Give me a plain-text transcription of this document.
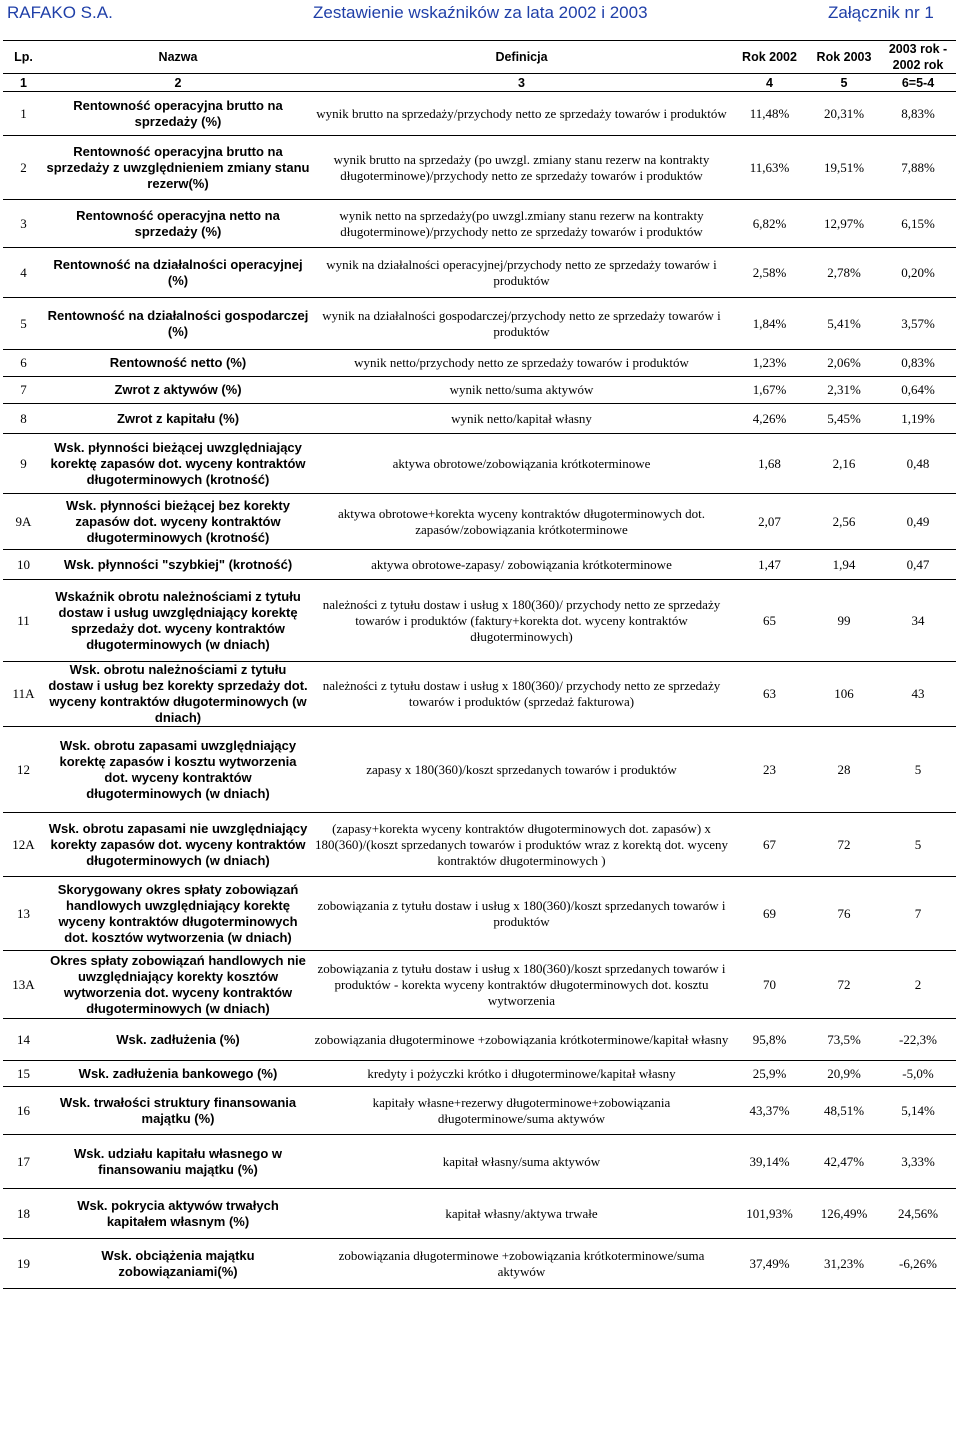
RAFAKO S.A.	Zestawienie wskaźników za lata 2002 i 2003	Załącznik nr 1
Lp.	Nazwa	Definicja	Rok 2002	Rok 2003	2003 rok - 2002 rok
1	2	3	4	5	6=5-4
1	Rentowność operacyjna brutto na sprzedaży (%)	wynik brutto na sprzedaży/przychody netto ze sprzedaży towarów i produktów	11,48%	20,31%	8,83%
2	Rentowność operacyjna brutto na sprzedaży z uwzględnieniem zmiany stanu rezerw(%)	wynik brutto na sprzedaży (po uwzgl. zmiany stanu rezerw na kontrakty długoterminowe)/przychody netto ze sprzedaży towarów i produktów	11,63%	19,51%	7,88%
3	Rentowność operacyjna netto na sprzedaży (%)	wynik netto na sprzedaży(po uwzgl.zmiany stanu rezerw na kontrakty długoterminowe)/przychody netto ze sprzedaży towarów i produktów	6,82%	12,97%	6,15%
4	Rentowność na działalności operacyjnej (%)	wynik na działalności operacyjnej/przychody netto ze sprzedaży towarów i produktów	2,58%	2,78%	0,20%
5	Rentowność na działalności gospodarczej (%)	wynik na działalności gospodarczej/przychody netto ze sprzedaży towarów i produktów	1,84%	5,41%	3,57%
6	Rentowność netto (%)	wynik netto/przychody netto ze sprzedaży towarów i produktów	1,23%	2,06%	0,83%
7	Zwrot z aktywów (%)	wynik netto/suma aktywów	1,67%	2,31%	0,64%
8	Zwrot z kapitału (%)	wynik netto/kapitał własny	4,26%	5,45%	1,19%
9	Wsk. płynności bieżącej uwzględniający korektę zapasów dot. wyceny kontraktów długoterminowych (krotność)	aktywa obrotowe/zobowiązania krótkoterminowe	1,68	2,16	0,48
9A	Wsk. płynności bieżącej bez korekty zapasów dot. wyceny kontraktów długoterminowych (krotność)	aktywa obrotowe+korekta wyceny kontraktów długoterminowych dot. zapasów/zobowiązania krótkoterminowe	2,07	2,56	0,49
10	Wsk. płynności "szybkiej" (krotność)	aktywa obrotowe-zapasy/ zobowiązania krótkoterminowe	1,47	1,94	0,47
11	Wskaźnik obrotu należnościami z tytułu dostaw i usług uwzględniający korektę sprzedaży dot. wyceny kontraktów długoterminowych (w dniach)	należności z tytułu dostaw i usług x 180(360)/ przychody netto ze sprzedaży towarów i produktów (faktury+korekta dot. wyceny kontraktów długoterminowych)	65	99	34
11A	Wsk. obrotu należnościami z tytułu dostaw i usług bez korekty sprzedaży dot. wyceny kontraktów długoterminowych (w dniach)	należności z tytułu dostaw i usług x 180(360)/ przychody netto ze sprzedaży towarów i produktów (sprzedaż fakturowa)	63	106	43
12	Wsk. obrotu zapasami uwzględniający korektę zapasów i kosztu wytworzenia dot. wyceny kontraktów długoterminowych (w dniach)	zapasy x 180(360)/koszt sprzedanych towarów i produktów	23	28	5
12A	Wsk. obrotu zapasami nie uwzględniający korekty zapasów dot. wyceny kontraktów długoterminowych (w dniach)	(zapasy+korekta wyceny kontraktów długoterminowych dot. zapasów) x 180(360)/(koszt sprzedanych towarów i produktów wraz z korektą dot. wyceny kontraktów długoterminowych )	67	72	5
13	Skorygowany okres spłaty zobowiązań handlowych uwzględniający korektę wyceny kontraktów długoterminowych dot. kosztów wytworzenia (w dniach)	zobowiązania z tytułu dostaw i usług x 180(360)/koszt sprzedanych towarów i produktów	69	76	7
13A	Okres spłaty zobowiązań handlowych nie uwzględniający korekty kosztów wytworzenia dot. wyceny kontraktów długoterminowych (w dniach)	zobowiązania z tytułu dostaw i usług x 180(360)/koszt sprzedanych towarów i produktów - korekta wyceny kontraktów długoterminowych dot. kosztu wytworzenia	70	72	2
14	Wsk. zadłużenia (%)	zobowiązania długoterminowe +zobowiązania krótkoterminowe/kapitał własny	95,8%	73,5%	-22,3%
15	Wsk. zadłużenia bankowego (%)	kredyty i pożyczki krótko i długoterminowe/kapitał własny	25,9%	20,9%	-5,0%
16	Wsk. trwałości struktury finansowania majątku (%)	kapitały własne+rezerwy długoterminowe+zobowiązania długoterminowe/suma aktywów	43,37%	48,51%	5,14%
17	Wsk. udziału kapitału własnego w finansowaniu majątku (%)	kapitał własny/suma aktywów	39,14%	42,47%	3,33%
18	Wsk. pokrycia aktywów trwałych kapitałem własnym (%)	kapitał własny/aktywa trwałe	101,93%	126,49%	24,56%
19	Wsk. obciążenia majątku zobowiązaniami(%)	zobowiązania długoterminowe +zobowiązania krótkoterminowe/suma aktywów	37,49%	31,23%	-6,26%
